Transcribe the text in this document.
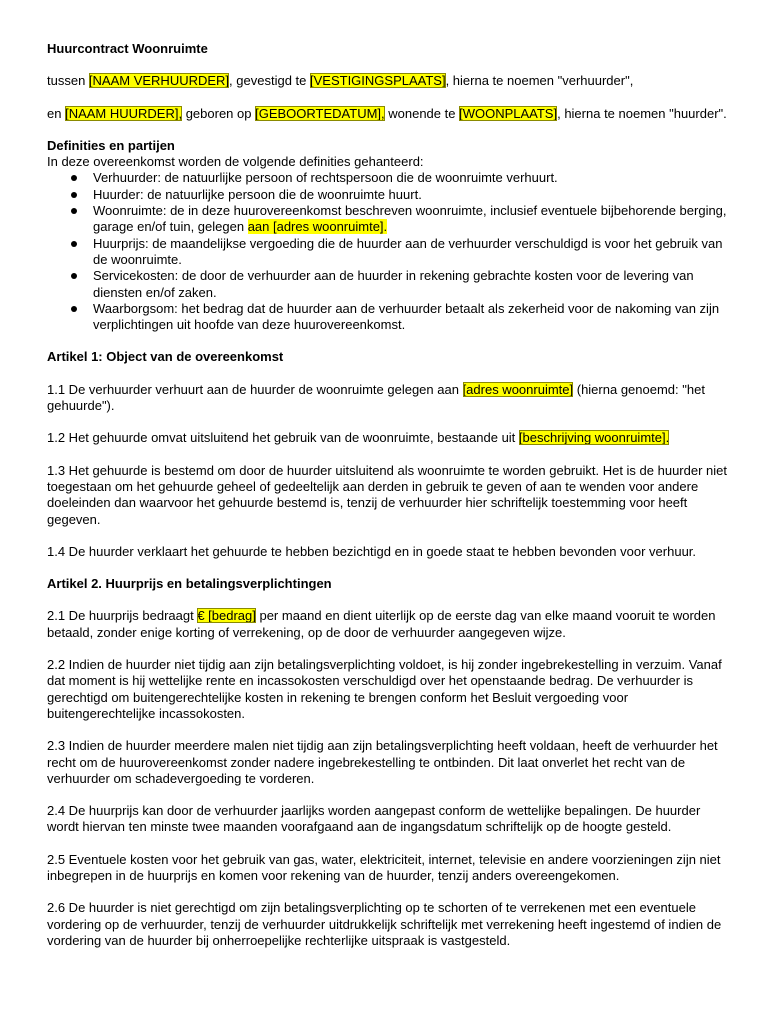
Huurcontract Woonruimte

tussen [NAAM VERHUURDER], gevestigd te [VESTIGINGSPLAATS], hierna te noemen "verhuurder",

en [NAAM HUURDER], geboren op [GEBOORTEDATUM], wonende te [WOONPLAATS], hierna te noemen "huurder".

Definities en partijen

In deze overeenkomst worden de volgende definities gehanteerd:

Verhuurder: de natuurlijke persoon of rechtspersoon die de woonruimte verhuurt.
Huurder: de natuurlijke persoon die de woonruimte huurt.
Woonruimte: de in deze huurovereenkomst beschreven woonruimte, inclusief eventuele bijbehorende berging, garage en/of tuin, gelegen aan [adres woonruimte].
Huurprijs: de maandelijkse vergoeding die de huurder aan de verhuurder verschuldigd is voor het gebruik van de woonruimte.
Servicekosten: de door de verhuurder aan de huurder in rekening gebrachte kosten voor de levering van diensten en/of zaken.
Waarborgsom: het bedrag dat de huurder aan de verhuurder betaalt als zekerheid voor de nakoming van zijn verplichtingen uit hoofde van deze huurovereenkomst.

Artikel 1: Object van de overeenkomst

1.1 De verhuurder verhuurt aan de huurder de woonruimte gelegen aan [adres woonruimte] (hierna genoemd: "het gehuurde").

1.2 Het gehuurde omvat uitsluitend het gebruik van de woonruimte, bestaande uit [beschrijving woonruimte].

1.3 Het gehuurde is bestemd om door de huurder uitsluitend als woonruimte te worden gebruikt. Het is de huurder niet toegestaan om het gehuurde geheel of gedeeltelijk aan derden in gebruik te geven of aan te wenden voor andere doeleinden dan waarvoor het gehuurde bestemd is, tenzij de verhuurder hier schriftelijk toestemming voor heeft gegeven.

1.4 De huurder verklaart het gehuurde te hebben bezichtigd en in goede staat te hebben bevonden voor verhuur.

Artikel 2. Huurprijs en betalingsverplichtingen

2.1 De huurprijs bedraagt € [bedrag] per maand en dient uiterlijk op de eerste dag van elke maand vooruit te worden betaald, zonder enige korting of verrekening, op de door de verhuurder aangegeven wijze.

2.2 Indien de huurder niet tijdig aan zijn betalingsverplichting voldoet, is hij zonder ingebrekestelling in verzuim. Vanaf dat moment is hij wettelijke rente en incassokosten verschuldigd over het openstaande bedrag. De verhuurder is gerechtigd om buitengerechtelijke kosten in rekening te brengen conform het Besluit vergoeding voor buitengerechtelijke incassokosten.

2.3 Indien de huurder meerdere malen niet tijdig aan zijn betalingsverplichting heeft voldaan, heeft de verhuurder het recht om de huurovereenkomst zonder nadere ingebrekestelling te ontbinden. Dit laat onverlet het recht van de verhuurder om schadevergoeding te vorderen.

2.4 De huurprijs kan door de verhuurder jaarlijks worden aangepast conform de wettelijke bepalingen. De huurder wordt hiervan ten minste twee maanden voorafgaand aan de ingangsdatum schriftelijk op de hoogte gesteld.

2.5 Eventuele kosten voor het gebruik van gas, water, elektriciteit, internet, televisie en andere voorzieningen zijn niet inbegrepen in de huurprijs en komen voor rekening van de huurder, tenzij anders overeengekomen.

2.6 De huurder is niet gerechtigd om zijn betalingsverplichting op te schorten of te verrekenen met een eventuele vordering op de verhuurder, tenzij de verhuurder uitdrukkelijk schriftelijk met verrekening heeft ingestemd of indien de vordering van de huurder bij onherroepelijke rechterlijke uitspraak is vastgesteld.
